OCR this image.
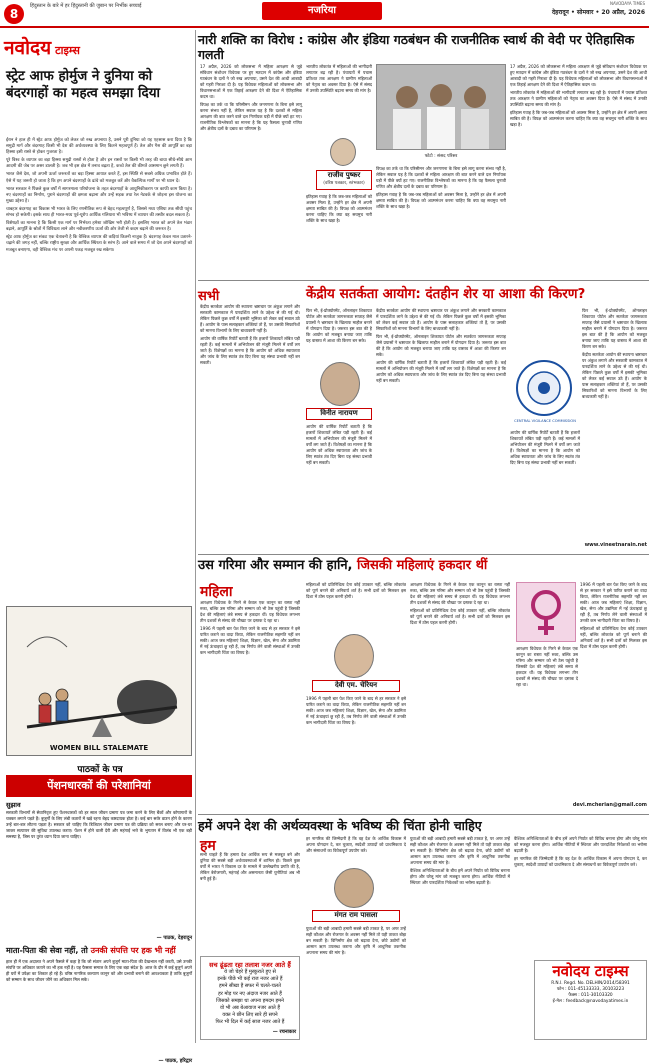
8
हिंदुस्तान के बारे में हर हिंदुस्तानी की जुबान पर निर्भीक सच्चाई	नजरिया
NAVODAYA TIMES
देहरादून • सोमवार • 20 अप्रैल, 2026
नवोदय टाइम्स
स्ट्रेट आफ होर्मुज ने दुनिया को बंदरगाहों का महत्व समझा दिया

ईरान ने हाल ही में स्ट्रेट आफ होर्मुज को लेकर जो रुख अपनाया है, उसने पूरी दुनिया को यह एहसास करा दिया है कि समुद्री मार्ग और बंदरगाह किसी भी देश की अर्थव्यवस्था के लिए कितने महत्वपूर्ण हैं। तेल और गैस की आपूर्ति का बड़ा हिस्सा इसी रास्ते से होकर गुजरता है।

पूरे विश्व के व्यापार का बड़ा हिस्सा समुद्री रास्तों से होता है और इन रास्तों पर किसी भी तरह की बाधा सीधे-सीधे आम आदमी की जेब पर असर डालती है। जब भी इस क्षेत्र में तनाव बढ़ता है, कच्चे तेल की कीमतें आसमान छूने लगती हैं।

भारत जैसे देश, जो अपनी ऊर्जा जरूरतों का बड़ा हिस्सा आयात करते हैं, इस स्थिति से सबसे अधिक प्रभावित होते हैं। ऐसे में यह जरूरी हो जाता है कि हम अपने बंदरगाहों के ढांचे को मजबूत करें और वैकल्पिक मार्गों पर भी ध्यान दें।

भारत सरकार ने पिछले कुछ वर्षों में सागरमाला परियोजना के तहत बंदरगाहों के आधुनिकीकरण पर काफी काम किया है। नए बंदरगाहों का निर्माण, पुराने बंदरगाहों की क्षमता बढ़ाना और उन्हें सड़क तथा रेल नेटवर्क से जोड़ना इस योजना का मुख्य उद्देश्य है।

चाबहार बंदरगाह का विकास भी भारत के लिए रणनीतिक रूप से बेहद महत्वपूर्ण है, जिससे मध्य एशिया तक सीधी पहुंच संभव हो सकेगी। इसके साथ ही भारत-मध्य पूर्व-यूरोप आर्थिक गलियारा भी भविष्य में व्यापार की तस्वीर बदल सकता है।

विशेषज्ञों का मानना है कि किसी एक मार्ग पर निर्भरता हमेशा जोखिम भरी होती है। इसलिए भारत को अपने तेल भंडार बढ़ाने, आपूर्ति के स्रोतों में विविधता लाने और नवीकरणीय ऊर्जा की ओर तेजी से कदम बढ़ाने की जरूरत है।

स्ट्रेट आफ होर्मुज का संकट एक चेतावनी है कि वैश्विक व्यापार की कड़ियां कितनी नाजुक हैं। बंदरगाह केवल माल उतारने-चढ़ाने की जगह नहीं, बल्कि राष्ट्रीय सुरक्षा और आर्थिक स्थिरता के स्तंभ हैं। आने वाले समय में जो देश अपने बंदरगाहों को मजबूत बनाएगा, वही वैश्विक मंच पर अपनी पकड़ मजबूत रख सकेगा।

WOMEN BILL STALEMATE
पाठकों के पत्र
पेंशनधारकों की परेशानियां
सुझाव
सरकारी विभागों से सेवानिवृत्त हुए पेंशनधारकों को हर साल जीवन प्रमाण पत्र जमा करने के लिए बैंकों और कोषागारों के चक्कर लगाने पड़ते हैं। बुजुर्गों के लिए लंबी कतारों में खड़े रहना बेहद कष्टदायक होता है। कई बार सर्वर डाउन होने के कारण उन्हें बार-बार लौटना पड़ता है। सरकार को चाहिए कि डिजिटल जीवन प्रमाण पत्र की प्रक्रिया को सरल बनाए और घर-घर जाकर सत्यापन की सुविधा उपलब्ध कराए। पेंशन में होने वाली देरी और महंगाई भत्ते के भुगतान में विलंब भी एक बड़ी समस्या है, जिस पर तुरंत ध्यान दिया जाना चाहिए।
— पाठक, देहरादून
माता-पिता की सेवा नहीं, तो उनकी संपत्ति पर हक भी नहीं
हाल ही में एक अदालत ने अपने फैसले में कहा है कि जो संतान अपने बुजुर्ग माता-पिता की देखभाल नहीं करती, उसे उनकी संपत्ति पर अधिकार जताने का भी हक नहीं है। यह फैसला समाज के लिए एक बड़ा संदेश है। आज के दौर में कई बुजुर्ग अपने ही घरों में उपेक्षा का शिकार हो रहे हैं। वरिष्ठ नागरिक कल्याण कानून को और प्रभावी बनाने की आवश्यकता है ताकि बुजुर्गों को सम्मान के साथ जीवन जीने का अधिकार मिल सके।
— पाठक, हरिद्वार
नारी शक्ति का विरोध : कांग्रेस और इंडिया गठबंधन की राजनीतिक स्वार्थ की वेदी पर ऐतिहासिक गलती

17 अप्रैल, 2026 को लोकसभा में महिला आरक्षण से जुड़े संविधान संशोधन विधेयक पर हुए मतदान में कांग्रेस और इंडिया गठबंधन के दलों ने जो रुख अपनाया, उसने देश की आधी आबादी को गहरी निराशा दी है। यह विधेयक महिलाओं को लोकसभा और विधानसभाओं में एक तिहाई आरक्षण देने की दिशा में ऐतिहासिक कदम था।

विपक्ष का तर्क था कि परिसीमन और जनगणना के बिना इसे लागू करना संभव नहीं है, लेकिन सवाल यह है कि दशकों से महिला आरक्षण की बात करने वाले दल निर्णायक घड़ी में पीछे क्यों हट गए। राजनीतिक विश्लेषकों का मानना है कि यह फैसला चुनावी गणित और क्षेत्रीय दलों के दबाव का परिणाम है।

भारतीय लोकतंत्र में महिलाओं की भागीदारी लगातार बढ़ रही है। पंचायतों में पचास प्रतिशत तक आरक्षण ने ग्रामीण महिलाओं को नेतृत्व का अवसर दिया है। ऐसे में संसद में उनकी उपस्थिति बढ़ाना समय की मांग है।

राजीव पुष्कर
(वरिष्ठ पत्रकार, स्तंभकार)

इतिहास गवाह है कि जब-जब महिलाओं को अवसर मिला है, उन्होंने हर क्षेत्र में अपनी क्षमता साबित की है। विपक्ष को आत्ममंथन करना चाहिए कि क्या वह सचमुच नारी शक्ति के साथ खड़ा है।

फोटो : संसद परिसर

विपक्ष का तर्क था कि परिसीमन और जनगणना के बिना इसे लागू करना संभव नहीं है, लेकिन सवाल यह है कि दशकों से महिला आरक्षण की बात करने वाले दल निर्णायक घड़ी में पीछे क्यों हट गए। राजनीतिक विश्लेषकों का मानना है कि यह फैसला चुनावी गणित और क्षेत्रीय दलों के दबाव का परिणाम है।

इतिहास गवाह है कि जब-जब महिलाओं को अवसर मिला है, उन्होंने हर क्षेत्र में अपनी क्षमता साबित की है। विपक्ष को आत्ममंथन करना चाहिए कि क्या वह सचमुच नारी शक्ति के साथ खड़ा है।

17 अप्रैल, 2026 को लोकसभा में महिला आरक्षण से जुड़े संविधान संशोधन विधेयक पर हुए मतदान में कांग्रेस और इंडिया गठबंधन के दलों ने जो रुख अपनाया, उसने देश की आधी आबादी को गहरी निराशा दी है। यह विधेयक महिलाओं को लोकसभा और विधानसभाओं में एक तिहाई आरक्षण देने की दिशा में ऐतिहासिक कदम था।

भारतीय लोकतंत्र में महिलाओं की भागीदारी लगातार बढ़ रही है। पंचायतों में पचास प्रतिशत तक आरक्षण ने ग्रामीण महिलाओं को नेतृत्व का अवसर दिया है। ऐसे में संसद में उनकी उपस्थिति बढ़ाना समय की मांग है।

इतिहास गवाह है कि जब-जब महिलाओं को अवसर मिला है, उन्होंने हर क्षेत्र में अपनी क्षमता साबित की है। विपक्ष को आत्ममंथन करना चाहिए कि क्या वह सचमुच नारी शक्ति के साथ खड़ा है।

सभी

केंद्रीय सतर्कता आयोग की स्थापना भ्रष्टाचार पर अंकुश लगाने और सरकारी कामकाज में पारदर्शिता लाने के उद्देश्य से की गई थी। लेकिन पिछले कुछ वर्षों में इसकी भूमिका को लेकर कई सवाल उठे हैं। आयोग के पास सलाहकार शक्तियां तो हैं, पर उसकी सिफारिशों को मानना विभागों के लिए बाध्यकारी नहीं है।

आयोग की वार्षिक रिपोर्टें बताती हैं कि हजारों शिकायतें लंबित पड़ी रहती हैं। कई मामलों में अभियोजन की मंजूरी मिलने में वर्षों लग जाते हैं। विशेषज्ञों का मानना है कि आयोग को अधिक स्वायत्तता और जांच के लिए स्वतंत्र तंत्र दिए बिना यह संस्था प्रभावी नहीं बन सकती।

केंद्रीय सतर्कता आयोग: दंतहीन शेर या आशा की किरण?

फिर भी, ई-प्रोक्योरमेंट, ऑनलाइन शिकायत पोर्टल और सतर्कता जागरूकता सप्ताह जैसे प्रयासों ने भ्रष्टाचार के खिलाफ माहौल बनाने में योगदान दिया है। जरूरत इस बात की है कि आयोग को मजबूत बनाया जाए ताकि यह वास्तव में आशा की किरण बन सके।

विनीत नारायण

आयोग की वार्षिक रिपोर्टें बताती हैं कि हजारों शिकायतें लंबित पड़ी रहती हैं। कई मामलों में अभियोजन की मंजूरी मिलने में वर्षों लग जाते हैं। विशेषज्ञों का मानना है कि आयोग को अधिक स्वायत्तता और जांच के लिए स्वतंत्र तंत्र दिए बिना यह संस्था प्रभावी नहीं बन सकती।

केंद्रीय सतर्कता आयोग की स्थापना भ्रष्टाचार पर अंकुश लगाने और सरकारी कामकाज में पारदर्शिता लाने के उद्देश्य से की गई थी। लेकिन पिछले कुछ वर्षों में इसकी भूमिका को लेकर कई सवाल उठे हैं। आयोग के पास सलाहकार शक्तियां तो हैं, पर उसकी सिफारिशों को मानना विभागों के लिए बाध्यकारी नहीं है।

फिर भी, ई-प्रोक्योरमेंट, ऑनलाइन शिकायत पोर्टल और सतर्कता जागरूकता सप्ताह जैसे प्रयासों ने भ्रष्टाचार के खिलाफ माहौल बनाने में योगदान दिया है। जरूरत इस बात की है कि आयोग को मजबूत बनाया जाए ताकि यह वास्तव में आशा की किरण बन सके।

आयोग की वार्षिक रिपोर्टें बताती हैं कि हजारों शिकायतें लंबित पड़ी रहती हैं। कई मामलों में अभियोजन की मंजूरी मिलने में वर्षों लग जाते हैं। विशेषज्ञों का मानना है कि आयोग को अधिक स्वायत्तता और जांच के लिए स्वतंत्र तंत्र दिए बिना यह संस्था प्रभावी नहीं बन सकती।

CENTRAL VIGILANCE COMMISSION

फिर भी, ई-प्रोक्योरमेंट, ऑनलाइन शिकायत पोर्टल और सतर्कता जागरूकता सप्ताह जैसे प्रयासों ने भ्रष्टाचार के खिलाफ माहौल बनाने में योगदान दिया है। जरूरत इस बात की है कि आयोग को मजबूत बनाया जाए ताकि यह वास्तव में आशा की किरण बन सके।

केंद्रीय सतर्कता आयोग की स्थापना भ्रष्टाचार पर अंकुश लगाने और सरकारी कामकाज में पारदर्शिता लाने के उद्देश्य से की गई थी। लेकिन पिछले कुछ वर्षों में इसकी भूमिका को लेकर कई सवाल उठे हैं। आयोग के पास सलाहकार शक्तियां तो हैं, पर उसकी सिफारिशों को मानना विभागों के लिए बाध्यकारी नहीं है।

आयोग की वार्षिक रिपोर्टें बताती हैं कि हजारों शिकायतें लंबित पड़ी रहती हैं। कई मामलों में अभियोजन की मंजूरी मिलने में वर्षों लग जाते हैं। विशेषज्ञों का मानना है कि आयोग को अधिक स्वायत्तता और जांच के लिए स्वतंत्र तंत्र दिए बिना यह संस्था प्रभावी नहीं बन सकती।

www.vineetnarain.net
उस गरिमा और सम्मान की हानि, जिसकी महिलाएं हकदार थीं
महिला

आरक्षण विधेयक के गिरने से केवल एक कानून का रास्ता नहीं रुका, बल्कि उस गरिमा और सम्मान को भी ठेस पहुंची है जिसकी देश की महिलाएं लंबे समय से हकदार थीं। यह विधेयक लगभग तीन दशकों से संसद की चौखट पर दस्तक दे रहा था।

1996 में पहली बार पेश किए जाने के बाद से हर सरकार ने इसे पारित कराने का वादा किया, लेकिन राजनीतिक सहमति नहीं बन सकी। आज जब महिलाएं शिक्षा, विज्ञान, खेल, सेना और उद्यमिता में नई ऊंचाइयां छू रही हैं, तब निर्णय लेने वाली संस्थाओं में उनकी कम भागीदारी चिंता का विषय है।

महिलाओं को प्रतिनिधित्व देना कोई उपकार नहीं, बल्कि लोकतंत्र को पूर्ण बनाने की अनिवार्य शर्त है। सभी दलों को मिलकर इस दिशा में ठोस पहल करनी होगी।

देवी एम. चेरियन

1996 में पहली बार पेश किए जाने के बाद से हर सरकार ने इसे पारित कराने का वादा किया, लेकिन राजनीतिक सहमति नहीं बन सकी। आज जब महिलाएं शिक्षा, विज्ञान, खेल, सेना और उद्यमिता में नई ऊंचाइयां छू रही हैं, तब निर्णय लेने वाली संस्थाओं में उनकी कम भागीदारी चिंता का विषय है।

आरक्षण विधेयक के गिरने से केवल एक कानून का रास्ता नहीं रुका, बल्कि उस गरिमा और सम्मान को भी ठेस पहुंची है जिसकी देश की महिलाएं लंबे समय से हकदार थीं। यह विधेयक लगभग तीन दशकों से संसद की चौखट पर दस्तक दे रहा था।

महिलाओं को प्रतिनिधित्व देना कोई उपकार नहीं, बल्कि लोकतंत्र को पूर्ण बनाने की अनिवार्य शर्त है। सभी दलों को मिलकर इस दिशा में ठोस पहल करनी होगी।

1996 में पहली बार पेश किए जाने के बाद से हर सरकार ने इसे पारित कराने का वादा किया, लेकिन राजनीतिक सहमति नहीं बन सकी। आज जब महिलाएं शिक्षा, विज्ञान, खेल, सेना और उद्यमिता में नई ऊंचाइयां छू रही हैं, तब निर्णय लेने वाली संस्थाओं में उनकी कम भागीदारी चिंता का विषय है।

महिलाओं को प्रतिनिधित्व देना कोई उपकार नहीं, बल्कि लोकतंत्र को पूर्ण बनाने की अनिवार्य शर्त है। सभी दलों को मिलकर इस दिशा में ठोस पहल करनी होगी।

आरक्षण विधेयक के गिरने से केवल एक कानून का रास्ता नहीं रुका, बल्कि उस गरिमा और सम्मान को भी ठेस पहुंची है जिसकी देश की महिलाएं लंबे समय से हकदार थीं। यह विधेयक लगभग तीन दशकों से संसद की चौखट पर दस्तक दे रहा था।

devi.mcherian@gmail.com
हमें अपने देश की अर्थव्यवस्था के भविष्य की चिंता होनी चाहिए
हम

सभी चाहते हैं कि हमारा देश आर्थिक रूप से मजबूत बने और दुनिया की सबसे बड़ी अर्थव्यवस्थाओं में शामिल हो। पिछले कुछ वर्षों में भारत ने विकास दर के मामले में उल्लेखनीय प्रगति की है, लेकिन बेरोजगारी, महंगाई और असमानता जैसी चुनौतियां अब भी बनी हुई हैं।

सच ढूंढता रहा तलाश नजर आते हैं
ये जो चेहरे हैं मुस्कुराते हुए से
इनके पीछे भी कई राज नजर आते हैं
हमने सीखा है सफर में चलते-चलते
हर मोड़ पर नए अंदाज नजर आते हैं
जिसको समझा था अपना हमदम हमने
वो भी अब बेआवाज नजर आते हैं
वक्त ने छीन लिए सारे ही सपने
फिर भी दिल में कई साज नजर आते हैं
— रचनाकार

हर नागरिक की जिम्मेदारी है कि वह देश के आर्थिक विकास में अपना योगदान दे, कर चुकाए, स्वदेशी उत्पादों को प्राथमिकता दे और संसाधनों का विवेकपूर्ण उपयोग करे।

मंगत राम पासला

युवाओं की बड़ी आबादी हमारी सबसे बड़ी ताकत है, पर अगर उन्हें सही कौशल और रोजगार के अवसर नहीं मिले तो यही ताकत बोझ बन सकती है। विनिर्माण क्षेत्र को बढ़ावा देना, छोटे उद्योगों को आसान ऋण उपलब्ध कराना और कृषि में आधुनिक तकनीक अपनाना समय की मांग है।

युवाओं की बड़ी आबादी हमारी सबसे बड़ी ताकत है, पर अगर उन्हें सही कौशल और रोजगार के अवसर नहीं मिले तो यही ताकत बोझ बन सकती है। विनिर्माण क्षेत्र को बढ़ावा देना, छोटे उद्योगों को आसान ऋण उपलब्ध कराना और कृषि में आधुनिक तकनीक अपनाना समय की मांग है।

वैश्विक अनिश्चितताओं के बीच हमें अपने निर्यात को विविध बनाना होगा और घरेलू मांग को मजबूत करना होगा। आर्थिक नीतियों में स्थिरता और पारदर्शिता निवेशकों का भरोसा बढ़ाती है।

वैश्विक अनिश्चितताओं के बीच हमें अपने निर्यात को विविध बनाना होगा और घरेलू मांग को मजबूत करना होगा। आर्थिक नीतियों में स्थिरता और पारदर्शिता निवेशकों का भरोसा बढ़ाती है।

हर नागरिक की जिम्मेदारी है कि वह देश के आर्थिक विकास में अपना योगदान दे, कर चुकाए, स्वदेशी उत्पादों को प्राथमिकता दे और संसाधनों का विवेकपूर्ण उपयोग करे।

नवोदय टाइम्स
R.N.I. Regd. No. DELHIN/2014/58391
फोन : 011-45133333, 30103223
फैक्स : 011-30103320
ई-मेल : feedback@navodayatimes.in
